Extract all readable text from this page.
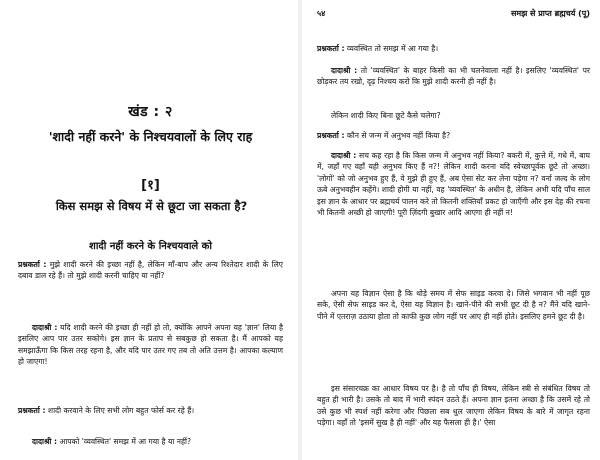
खंड : २
'शादी नहीं करने' के निश्चयवालों के लिए राह
[१]
किस समझ से विषय में से छूटा जा सकता है?
शादी नहीं करने के निश्चयवाले को
प्रश्नकर्ता : मुझे शादी करने की इच्छा नहीं है, लेकिन माँ-बाप और अन्य रिश्तेदार शादी के लिए दबाव डाल रहे हैं। तो मुझे शादी करनी चाहिए या नहीं?
दादाश्री : यदि शादी करने की इच्छा ही नहीं हो तो, क्योंकि आपने अपना यह 'ज्ञान' लिया है इसलिए आप पार उतर सकोगे। इस ज्ञान के प्रताप से सबकुछ हो सकता है। मैं आपको यह समझाऊँगा कि किस तरह रहना है, और यदि पार उतर गए तब तो अति उत्तम है। आपका कल्याण हो जाएगा!
प्रश्नकर्ता : शादी करवाने के लिए सभी लोग बहुत फोर्स कर रहे हैं।
दादाश्री : आपको 'व्यवस्थित' समझ में आ गया है या नहीं?
५४	समझ से प्राप्त ब्रह्मचर्य (पू)
प्रश्नकर्ता : व्यवस्थित तो समझ में आ गया है।
दादाश्री : तो 'व्यवस्थित' के बाहर किसी का भी चलनेवाला नहीं है। इसलिए 'व्यवस्थित' पर छोड़कर तय रखो, दृढ़ निश्चय करो कि मुझे शादी करनी ही नहीं है।
लेकिन शादी किए बिना छूटे कैसे चलेगा?
प्रश्नकर्ता : कौन से जन्म में अनुभव नहीं किया है?
दादाश्री : सच कह रहा है कि किस जन्म में अनुभव नहीं किया? बकरी में, कुत्ते में, गधे में, बाघ में, जहाँ गए वहाँ यही अनुभव किए हैं न?! लेकिन शादी करना यदि स्वेच्छापूर्वक छूटे तो अच्छा। 'लोगों' को जो अनुभव हुए हैं, वे मुझे ही हुए हैं, अब ऐसा सेट कर लेना पड़ेगा न? वर्ना जल्द के लोग ऊबे अनुभवहीन कहेंगे। शादी होगी या नहीं, वह 'व्यवस्थित' के अधीन है, लेकिन अभी यदि पाँच साल इस ज्ञान के आधार पर ब्रह्मचर्य पालन करे तो कितनी शक्तियाँ प्रकट हो जाएँगी और इस देह की रचना भी कितनी अच्छी हो जाएगी! पूरी ज़िंदगी बुखार आदि आएगा ही नहीं न!
अपना यह विज्ञान ऐसा है कि थोड़े समय में सेफ साइड करवा दे। जिसे भगवान भी नहीं पूछ सके, ऐसी सेफ साइड कर दे, ऐसा यह विज्ञान है। खाने-पीने की सभी छूट दी है न? मैंने यदि खाने-पीने में एतराज़ उठाया होता तो काफी कुछ लोग नहीं पर आए ही नहीं होते। इसलिए हमने छूट दी है।
इस संसारचक्र का आधार विषय पर है। है तो पाँच ही विषय, लेकिन स्त्री से संबंधित विषय तो बहुत ही भारी है। उसके तो बाद में भारी स्पंदन उठते हैं। अपना ज्ञान इतना अच्छा है कि उसमें रहे तो उसे कुछ भी स्पर्श नहीं करेगा और पिछला सब धुल जाएगा लेकिन विषय के बारे में जागृत रहना पड़ेगा। वहाँ तो 'इसमें सुख है ही नहीं' और यह फैसला ही है।' ऐसा
